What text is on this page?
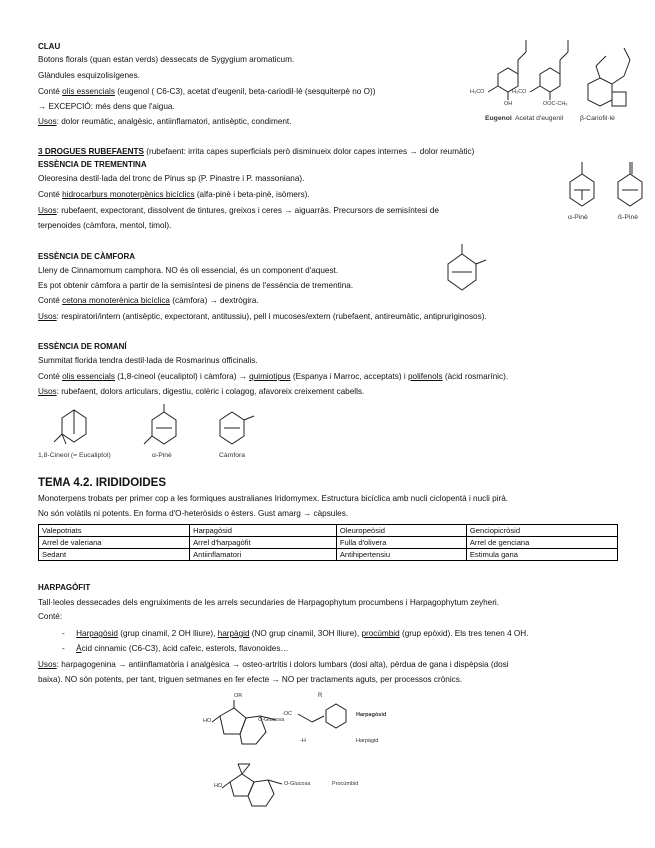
CLAU
Botons florals (quan estan verds) dessecats de Sygygium aromaticum.
Glàndules esquizolisígenes.
Conté olis essencials (eugenol ( C6-C3), acetat d'eugenil, beta-cariodil·lè (sesquiterpè no O))
→ EXCEPCIÓ: més dens que l'aigua.
Usos: dolor reumàtic, analgèsic, antiinflamatori, antisèptic, condiment.
H₃CO
OH
H₃CO
OOC-CH₃
Eugenol Acetat d'eugenil β-Cariofil·lè
3 DROGUES RUBEFAENTS (rubefaent: irrita capes superficials però disminueix dolor capes internes → dolor reumàtic)
ESSÈNCIA DE TREMENTINA
Oleoresina destil·lada del tronc de Pinus sp (P. Pinastre i P. massoniana).
Conté hidrocarburs monoterpènics bicíclics (alfa-pinè i beta-pinè, isòmers).
Usos: rubefaent, expectorant, dissolvent de tintures, greixos i ceres → aiguarràs. Precursors de semisíntesi de
terpenoides (càmfora, mentol, timol).
α-Pinè	ß-Pinè
ESSÈNCIA DE CÀMFORA
Lleny de Cinnamomum camphora. NO és oli essencial, és un component d'aquest.
Es pot obtenir càmfora a partir de la semisíntesi de pinens de l'essència de trementina.
Conté cetona monoterènica bicíclica (càmfora) → dextrògira.
Usos: respiratori/intern (antisèptic, expectorant, antitussiu), pell i mucoses/extern (rubefaent, antireumàtic, antipruriginosos).
ESSÈNCIA DE ROMANÍ
Summitat florida tendra destil·lada de Rosmarinus officinalis.
Conté olis essencials (1,8-cineol (eucaliptol) i càmfora) → quimiotipus (Espanya i Marroc, acceptats) i polifenols (àcid rosmarínic).
Usos: rubefaent, dolors articulars, digestiu, colèric i colagog, afavoreix creixement cabells.
1,8-Cineol (= Eucaliptol)	α-Pinè	Càmfora
TEMA 4.2. IRIDIDOIDES
Monoterpens trobats per primer cop a les formiques australianes Iridomymex. Estructura bicíclica amb nucli ciclopentà i nucli pirà.
No són volàtils ni potents. En forma d'O-heteròsids o èsters. Gust amarg → càpsules.
Valepotriats	Harpagòsid	Oleuropeòsid	Genciopicròsid
Arrel de valeriana	Arrel d'harpagòfit	Fulla d'olivera	Arrel de genciana
Sedant	Antiinflamatori	Antihipertensiu	Estimula gana
HARPAGÒFIT
Tall·leoles dessecades dels engruiximents de les arrels secundaries de Harpagophytum procumbens i Harpagophytum zeyheri.
Conté:
- Harpagòsid (grup cinamil, 2 OH lliure), harpàgid (NO grup cinamil, 3OH lliure), procúmbid (grup epòxid). Els tres tenen 4 OH.
- Àcid cinnamic (C6-C3), àcid cafeic, esterols, flavonoides…
Usos: harpagogenina → antiinflamatòria i analgèsica → osteo-artritis i dolors lumbars (dosi alta), pèrdua de gana i dispèpsia (dosi
baixa). NO són potents, per tant, triguen setmanes en fer efecte → NO per tractaments aguts, per processos crònics.
OR	R
HO	O-Glucosa
-OC	Harpagòsid
-H	Harpàgid
HO	O-Glucosa	Procúmbid
